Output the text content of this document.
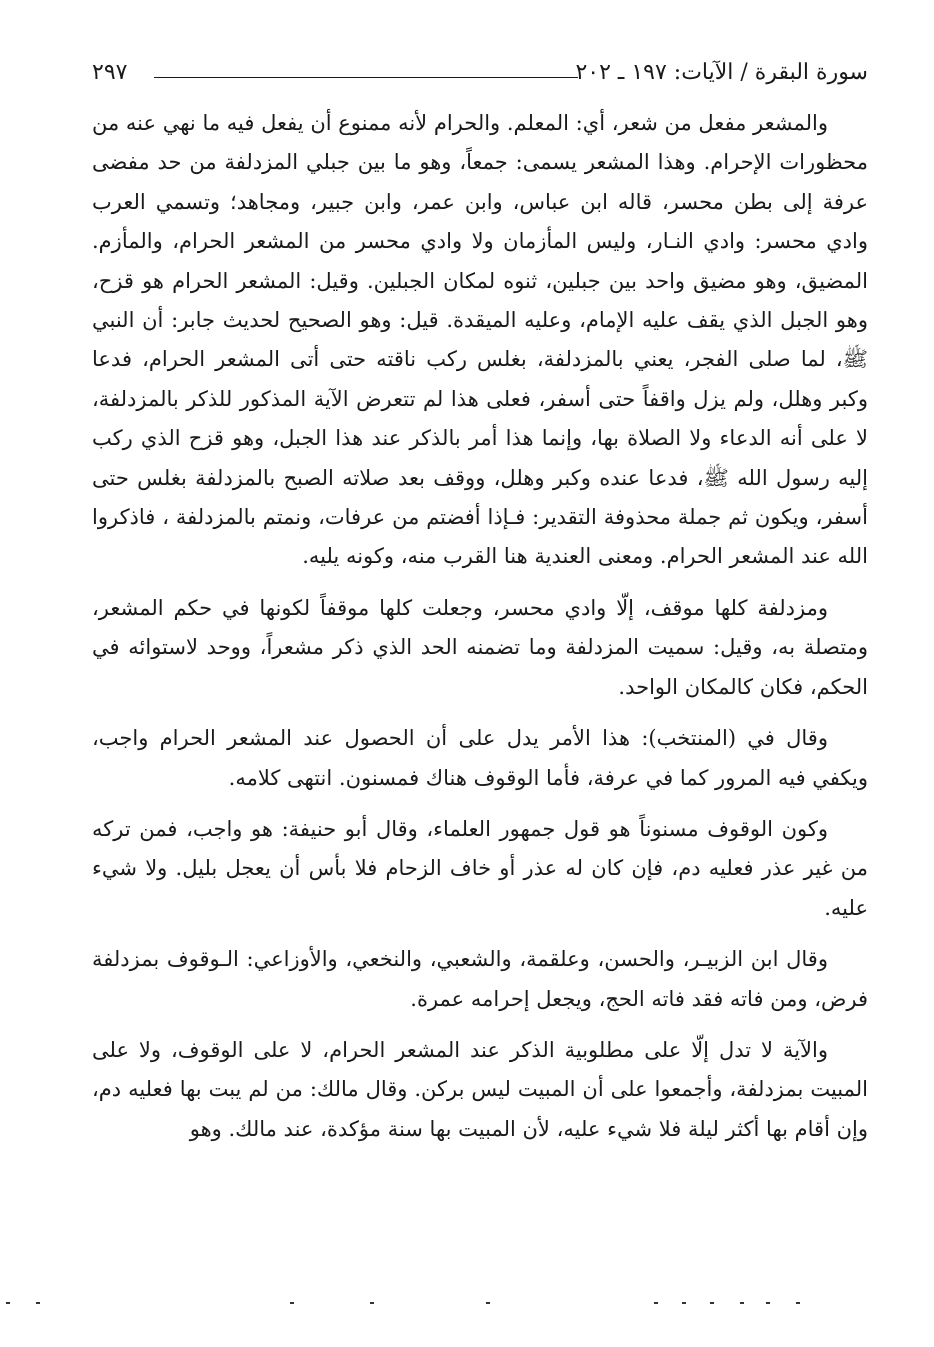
سورة البقرة / الآيات: ١٩٧ ـ ٢٠٢
٢٩٧

والمشعر مفعل من شعر، أي: المعلم. والحرام لأنه ممنوع أن يفعل فيه ما نهي عنه من محظورات الإحرام. وهذا المشعر يسمى: جمعاً، وهو ما بين جبلي المزدلفة من حد مفضى عرفة إلى بطن محسر، قاله ابن عباس، وابن عمر، وابن جبير، ومجاهد؛ وتسمي العرب وادي محسر: وادي النـار، وليس المأزمان ولا وادي محسر من المشعر الحرام، والمأزم. المضيق، وهو مضيق واحد بين جبلين، ثنوه لمكان الجبلين. وقيل: المشعر الحرام هو قزح، وهو الجبل الذي يقف عليه الإمام، وعليه الميقدة. قيل: وهو الصحيح لحديث جابر: أن النبي ﷺ، لما صلى الفجر، يعني بالمزدلفة، بغلس ركب ناقته حتى أتى المشعر الحرام، فدعا وكبر وهلل، ولم يزل واقفاً حتى أسفر، فعلى هذا لم تتعرض الآية المذكور للذكر بالمزدلفة، لا على أنه الدعاء ولا الصلاة بها، وإنما هذا أمر بالذكر عند هذا الجبل، وهو قزح الذي ركب إليه رسول الله ﷺ، فدعا عنده وكبر وهلل، ووقف بعد صلاته الصبح بالمزدلفة بغلس حتى أسفر، ويكون ثم جملة محذوفة التقدير: فـإذا أفضتم من عرفات، ونمتم بالمزدلفة ، فاذكروا الله عند المشعر الحرام. ومعنى العندية هنا القرب منه، وكونه يليه.

ومزدلفة كلها موقف، إلّا وادي محسر، وجعلت كلها موقفاً لكونها في حكم المشعر، ومتصلة به، وقيل: سميت المزدلفة وما تضمنه الحد الذي ذكر مشعراً، ووحد لاستوائه في الحكم، فكان كالمكان الواحد.

وقال في (المنتخب): هذا الأمر يدل على أن الحصول عند المشعر الحرام واجب، ويكفي فيه المرور كما في عرفة، فأما الوقوف هناك فمسنون. انتهى كلامه.

وكون الوقوف مسنوناً هو قول جمهور العلماء، وقال أبو حنيفة: هو واجب، فمن تركه من غير عذر فعليه دم، فإن كان له عذر أو خاف الزحام فلا بأس أن يعجل بليل. ولا شيء عليه.

وقال ابن الزبيـر، والحسن، وعلقمة، والشعبي، والنخعي، والأوزاعي: الـوقوف بمزدلفة فرض، ومن فاته فقد فاته الحج، ويجعل إحرامه عمرة.

والآية لا تدل إلّا على مطلوبية الذكر عند المشعر الحرام، لا على الوقوف، ولا على المبيت بمزدلفة، وأجمعوا على أن المبيت ليس بركن. وقال مالك: من لم يبت بها فعليه دم، وإن أقام بها أكثر ليلة فلا شيء عليه، لأن المبيت بها سنة مؤكدة، عند مالك. وهو
